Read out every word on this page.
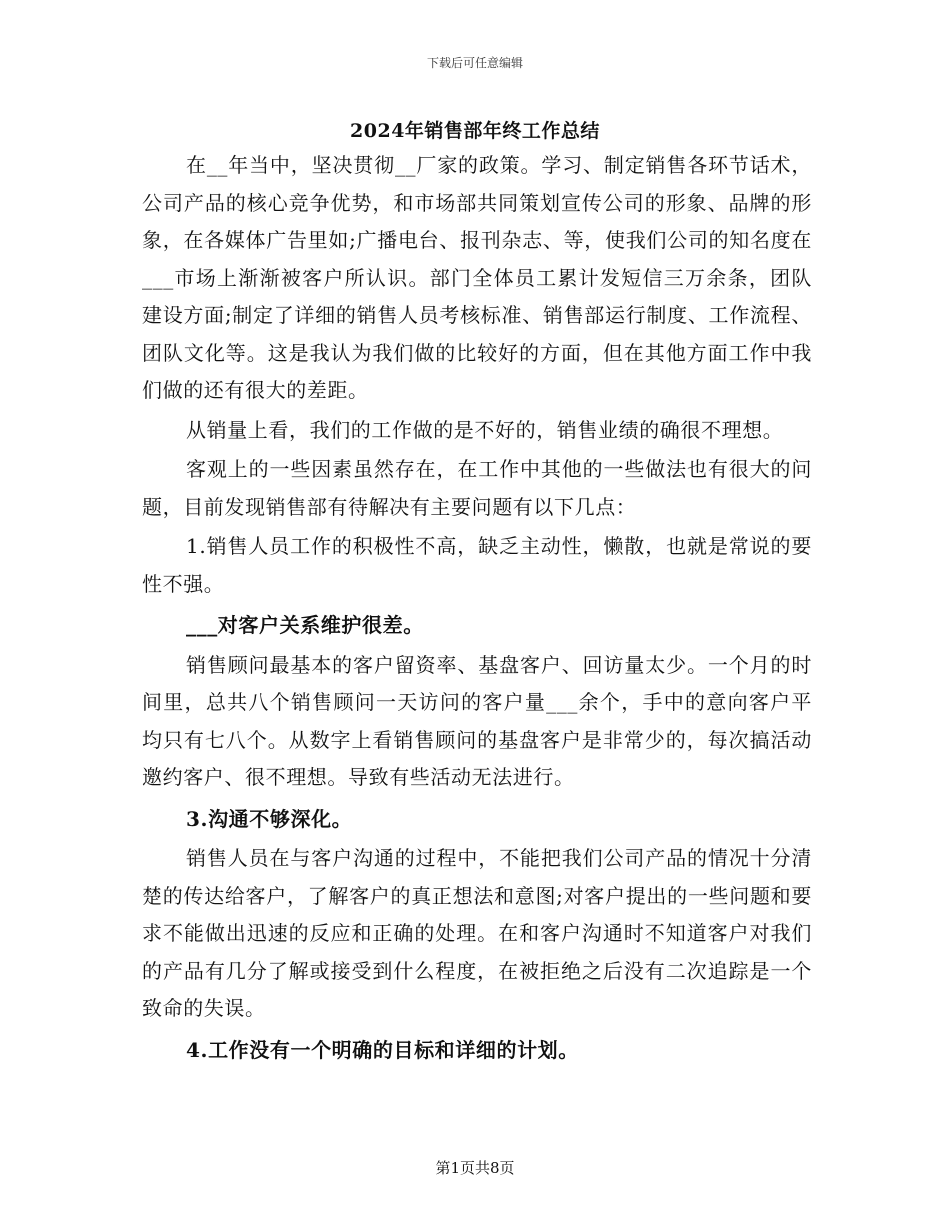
下载后可任意编辑
2024年销售部年终工作总结

在__年当中，坚决贯彻__厂家的政策。学习、制定销售各环节话术，公司产品的核心竞争优势，和市场部共同策划宣传公司的形象、品牌的形象，在各媒体广告里如;广播电台、报刊杂志、等，使我们公司的知名度在___市场上渐渐被客户所认识。部门全体员工累计发短信三万余条，团队建设方面;制定了详细的销售人员考核标准、销售部运行制度、工作流程、团队文化等。这是我认为我们做的比较好的方面，但在其他方面工作中我们做的还有很大的差距。

从销量上看，我们的工作做的是不好的，销售业绩的确很不理想。

客观上的一些因素虽然存在，在工作中其他的一些做法也有很大的问题，目前发现销售部有待解决有主要问题有以下几点：

1.销售人员工作的积极性不高，缺乏主动性，懒散，也就是常说的要性不强。

___对客户关系维护很差。

销售顾问最基本的客户留资率、基盘客户、回访量太少。一个月的时间里，总共八个销售顾问一天访问的客户量___余个，手中的意向客户平均只有七八个。从数字上看销售顾问的基盘客户是非常少的，每次搞活动邀约客户、很不理想。导致有些活动无法进行。

3.沟通不够深化。

销售人员在与客户沟通的过程中，不能把我们公司产品的情况十分清楚的传达给客户，了解客户的真正想法和意图;对客户提出的一些问题和要求不能做出迅速的反应和正确的处理。在和客户沟通时不知道客户对我们的产品有几分了解或接受到什么程度，在被拒绝之后没有二次追踪是一个致命的失误。

4.工作没有一个明确的目标和详细的计划。

第1页共8页
